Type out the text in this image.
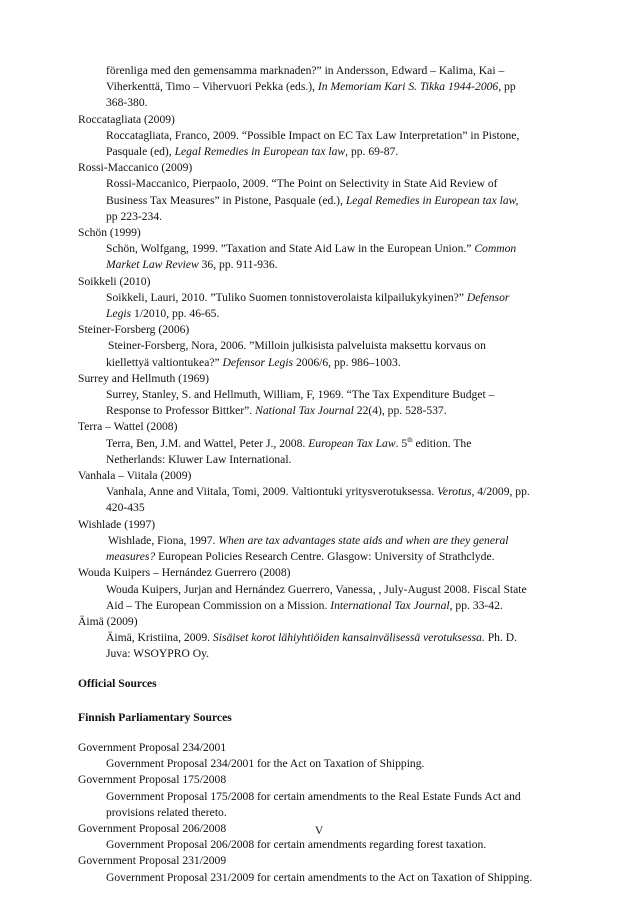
förenliga med den gemensamma marknaden?” in Andersson, Edward – Kalima, Kai –
Viherkenttä, Timo – Vihervuori Pekka (eds.), In Memoriam Kari S. Tikka 1944-2006, pp
368-380.
Roccatagliata (2009)
Roccatagliata, Franco, 2009. “Possible Impact on EC Tax Law Interpretation” in Pistone,
Pasquale (ed), Legal Remedies in European tax law, pp. 69-87.
Rossi-Maccanico (2009)
Rossi-Maccanico, Pierpaolo, 2009. “The Point on Selectivity in State Aid Review of
Business Tax Measures” in Pistone, Pasquale (ed.), Legal Remedies in European tax law,
pp 223-234.
Schön (1999)
Schön, Wolfgang, 1999. ”Taxation and State Aid Law in the European Union.” Common
Market Law Review 36, pp. 911-936.
Soikkeli (2010)
Soikkeli, Lauri, 2010. ”Tuliko Suomen tonnistoverolaista kilpailukykyinen?” Defensor
Legis 1/2010, pp. 46-65.
Steiner-Forsberg (2006)
Steiner-Forsberg, Nora, 2006. ”Milloin julkisista palveluista maksettu korvaus on
kiellettyä valtiontukea?” Defensor Legis 2006/6, pp. 986–1003.
Surrey and Hellmuth (1969)
Surrey, Stanley, S. and Hellmuth, William, F, 1969. “The Tax Expenditure Budget –
Response to Professor Bittker”. National Tax Journal 22(4), pp. 528-537.
Terra – Wattel (2008)
Terra, Ben, J.M. and Wattel, Peter J., 2008. European Tax Law. 5th edition. The
Netherlands: Kluwer Law International.
Vanhala – Viitala (2009)
Vanhala, Anne and Viitala, Tomi, 2009. Valtiontuki yritysverotuksessa. Verotus, 4/2009, pp.
420-435
Wishlade (1997)
Wishlade, Fiona, 1997. When are tax advantages state aids and when are they general
measures? European Policies Research Centre. Glasgow: University of Strathclyde.
Wouda Kuipers – Hernández Guerrero (2008)
Wouda Kuipers, Jurjan and Hernández Guerrero, Vanessa, , July-August 2008. Fiscal State
Aid – The European Commission on a Mission. International Tax Journal, pp. 33-42.
Äimä (2009)
Äimä, Kristiina, 2009. Sisäiset korot lähiyhtiöiden kansainvälisessä verotuksessa. Ph. D.
Juva: WSOYPRO Oy.
Official Sources
Finnish Parliamentary Sources
Government Proposal 234/2001
Government Proposal 234/2001 for the Act on Taxation of Shipping.
Government Proposal 175/2008
Government Proposal 175/2008 for certain amendments to the Real Estate Funds Act and
provisions related thereto.
Government Proposal 206/2008
Government Proposal 206/2008 for certain amendments regarding forest taxation.
Government Proposal 231/2009
Government Proposal 231/2009 for certain amendments to the Act on Taxation of Shipping.
V
